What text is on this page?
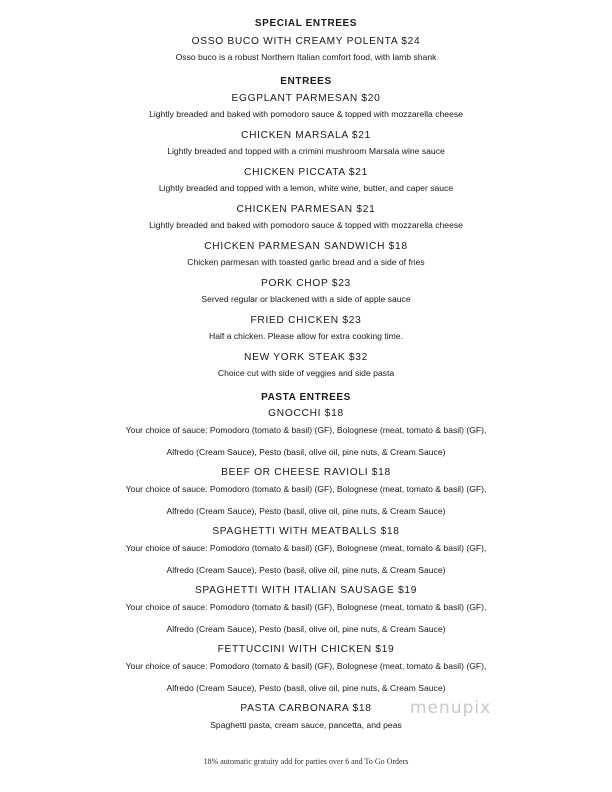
SPECIAL ENTREES
OSSO BUCO WITH CREAMY POLENTA $24
Osso buco is a robust Northern Italian comfort food, with lamb shank
ENTREES
EGGPLANT PARMESAN $20
Lightly breaded and baked with pomodoro sauce & topped with mozzarella cheese
CHICKEN MARSALA $21
Lightly breaded and topped with a crimini mushroom Marsala wine sauce
CHICKEN PICCATA $21
Lightly breaded and topped with a lemon, white wine, butter, and caper sauce
CHICKEN PARMESAN $21
Lightly breaded and baked with pomodoro sauce & topped with mozzarella cheese
CHICKEN PARMESAN SANDWICH $18
Chicken parmesan with toasted garlic bread and a side of fries
PORK CHOP $23
Served regular or blackened with a side of apple sauce
FRIED CHICKEN $23
Half a chicken. Please allow for extra cooking time.
NEW YORK STEAK $32
Choice cut with side of veggies and side pasta
PASTA ENTREES
GNOCCHI $18
Your choice of sauce: Pomodoro (tomato & basil) (GF), Bolognese (meat, tomato & basil) (GF),
Alfredo (Cream Sauce), Pesto (basil, olive oil, pine nuts, & Cream Sauce)
BEEF OR CHEESE RAVIOLI $18
Your choice of sauce: Pomodoro (tomato & basil) (GF), Bolognese (meat, tomato & basil) (GF),
Alfredo (Cream Sauce), Pesto (basil, olive oil, pine nuts, & Cream Sauce)
SPAGHETTI WITH MEATBALLS $18
Your choice of sauce: Pomodoro (tomato & basil) (GF), Bolognese (meat, tomato & basil) (GF),
Alfredo (Cream Sauce), Pesto (basil, olive oil, pine nuts, & Cream Sauce)
SPAGHETTI WITH ITALIAN SAUSAGE $19
Your choice of sauce: Pomodoro (tomato & basil) (GF), Bolognese (meat, tomato & basil) (GF),
Alfredo (Cream Sauce), Pesto (basil, olive oil, pine nuts, & Cream Sauce)
FETTUCCINI WITH CHICKEN $19
Your choice of sauce: Pomodoro (tomato & basil) (GF), Bolognese (meat, tomato & basil) (GF),
Alfredo (Cream Sauce), Pesto (basil, olive oil, pine nuts, & Cream Sauce)
PASTA CARBONARA $18
Spaghetti pasta, cream sauce, pancetta, and peas
menupix
18% automatic gratuity add for parties over 6 and To Go Orders
